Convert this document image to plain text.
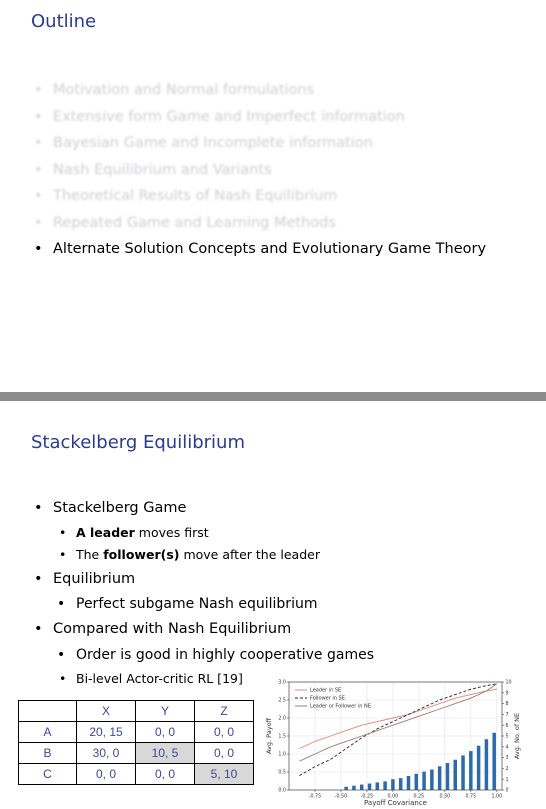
Outline
• Motivation and Normal formulations
• Extensive form Game and Imperfect information
• Bayesian Game and Incomplete information
• Nash Equilibrium and Variants
• Theoretical Results of Nash Equilibrium
• Repeated Game and Learning Methods
• Alternate Solution Concepts and Evolutionary Game Theory
Stackelberg Equilibrium
• Stackelberg Game
• A leader moves first
• The follower(s) move after the leader
• Equilibrium
• Perfect subgame Nash equilibrium
• Compared with Nash Equilibrium
• Order is good in highly cooperative games
• Bi-level Actor-critic RL [19]
	X	Y	Z
A	20, 15	0, 0	0, 0
B	30, 0	10, 5	0, 0
C	0, 0	0, 0	5, 10
-0.75	-0.50	-0.25	0.00	0.25	0.50	0.75	1.00
0.0
0.5
1.0
1.5
2.0
2.5
3.0
0
1
2
3
4
5
6
7
8
9
10
Payoff Covariance
Avg. Payoff	Avg. No. of NE
Leader in SE
Follower in SE
Leader or Follower in NE
